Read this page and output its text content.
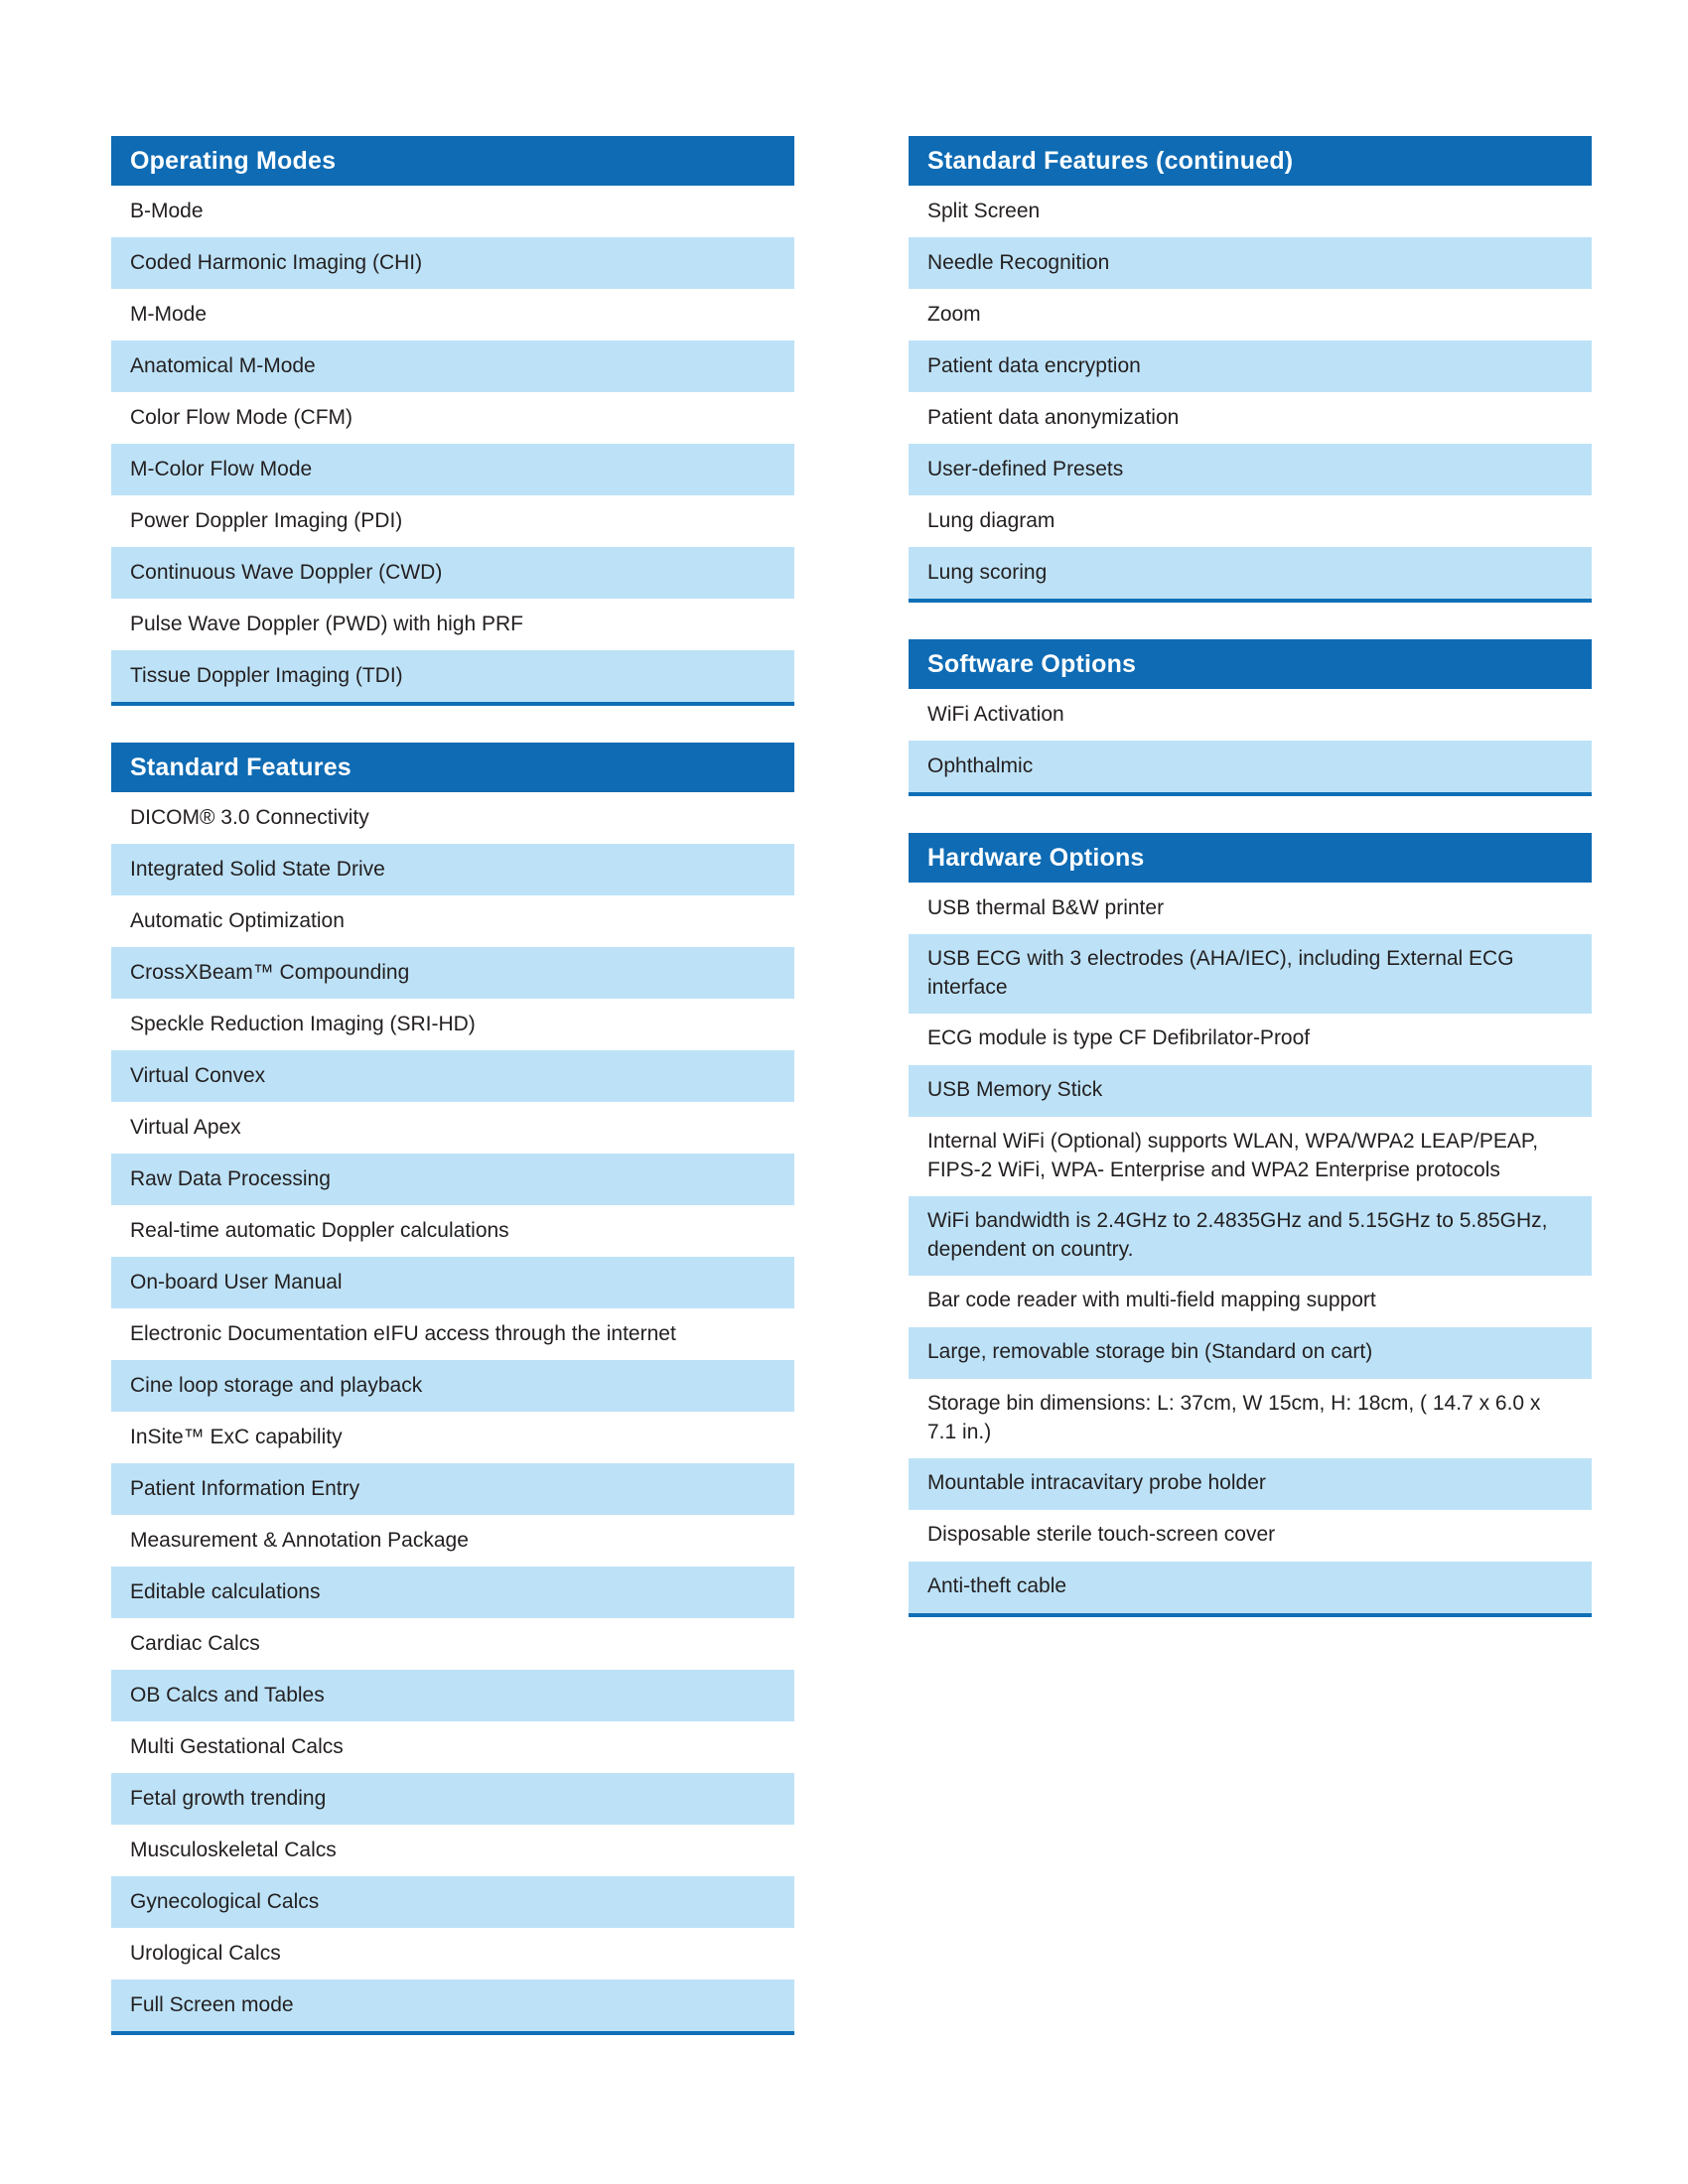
Operating Modes
B-Mode
Coded Harmonic Imaging (CHI)
M-Mode
Anatomical M-Mode
Color Flow Mode (CFM)
M-Color Flow Mode
Power Doppler Imaging (PDI)
Continuous Wave Doppler (CWD)
Pulse Wave Doppler (PWD) with high PRF
Tissue Doppler Imaging (TDI)
Standard Features
DICOM® 3.0 Connectivity
Integrated Solid State Drive
Automatic Optimization
CrossXBeam™ Compounding
Speckle Reduction Imaging (SRI-HD)
Virtual Convex
Virtual Apex
Raw Data Processing
Real-time automatic Doppler calculations
On-board User Manual
Electronic Documentation eIFU access through the internet
Cine loop storage and playback
InSite™ ExC capability
Patient Information Entry
Measurement & Annotation Package
Editable calculations
Cardiac Calcs
OB Calcs and Tables
Multi Gestational Calcs
Fetal growth trending
Musculoskeletal Calcs
Gynecological Calcs
Urological Calcs
Full Screen mode
Standard Features (continued)
Split Screen
Needle Recognition
Zoom
Patient data encryption
Patient data anonymization
User-defined Presets
Lung diagram
Lung scoring
Software Options
WiFi Activation
Ophthalmic
Hardware Options
USB thermal B&W printer
USB ECG with 3 electrodes (AHA/IEC), including External ECG interface
ECG module is type CF Defibrilator-Proof
USB Memory Stick
Internal WiFi (Optional) supports WLAN, WPA/WPA2 LEAP/PEAP, FIPS-2 WiFi, WPA- Enterprise and WPA2 Enterprise protocols
WiFi bandwidth is 2.4GHz to 2.4835GHz and 5.15GHz to 5.85GHz, dependent on country.
Bar code reader with multi-field mapping support
Large, removable storage bin (Standard on cart)
Storage bin dimensions: L: 37cm, W 15cm, H: 18cm, ( 14.7 x 6.0 x 7.1 in.)
Mountable intracavitary probe holder
Disposable sterile touch-screen cover
Anti-theft cable
